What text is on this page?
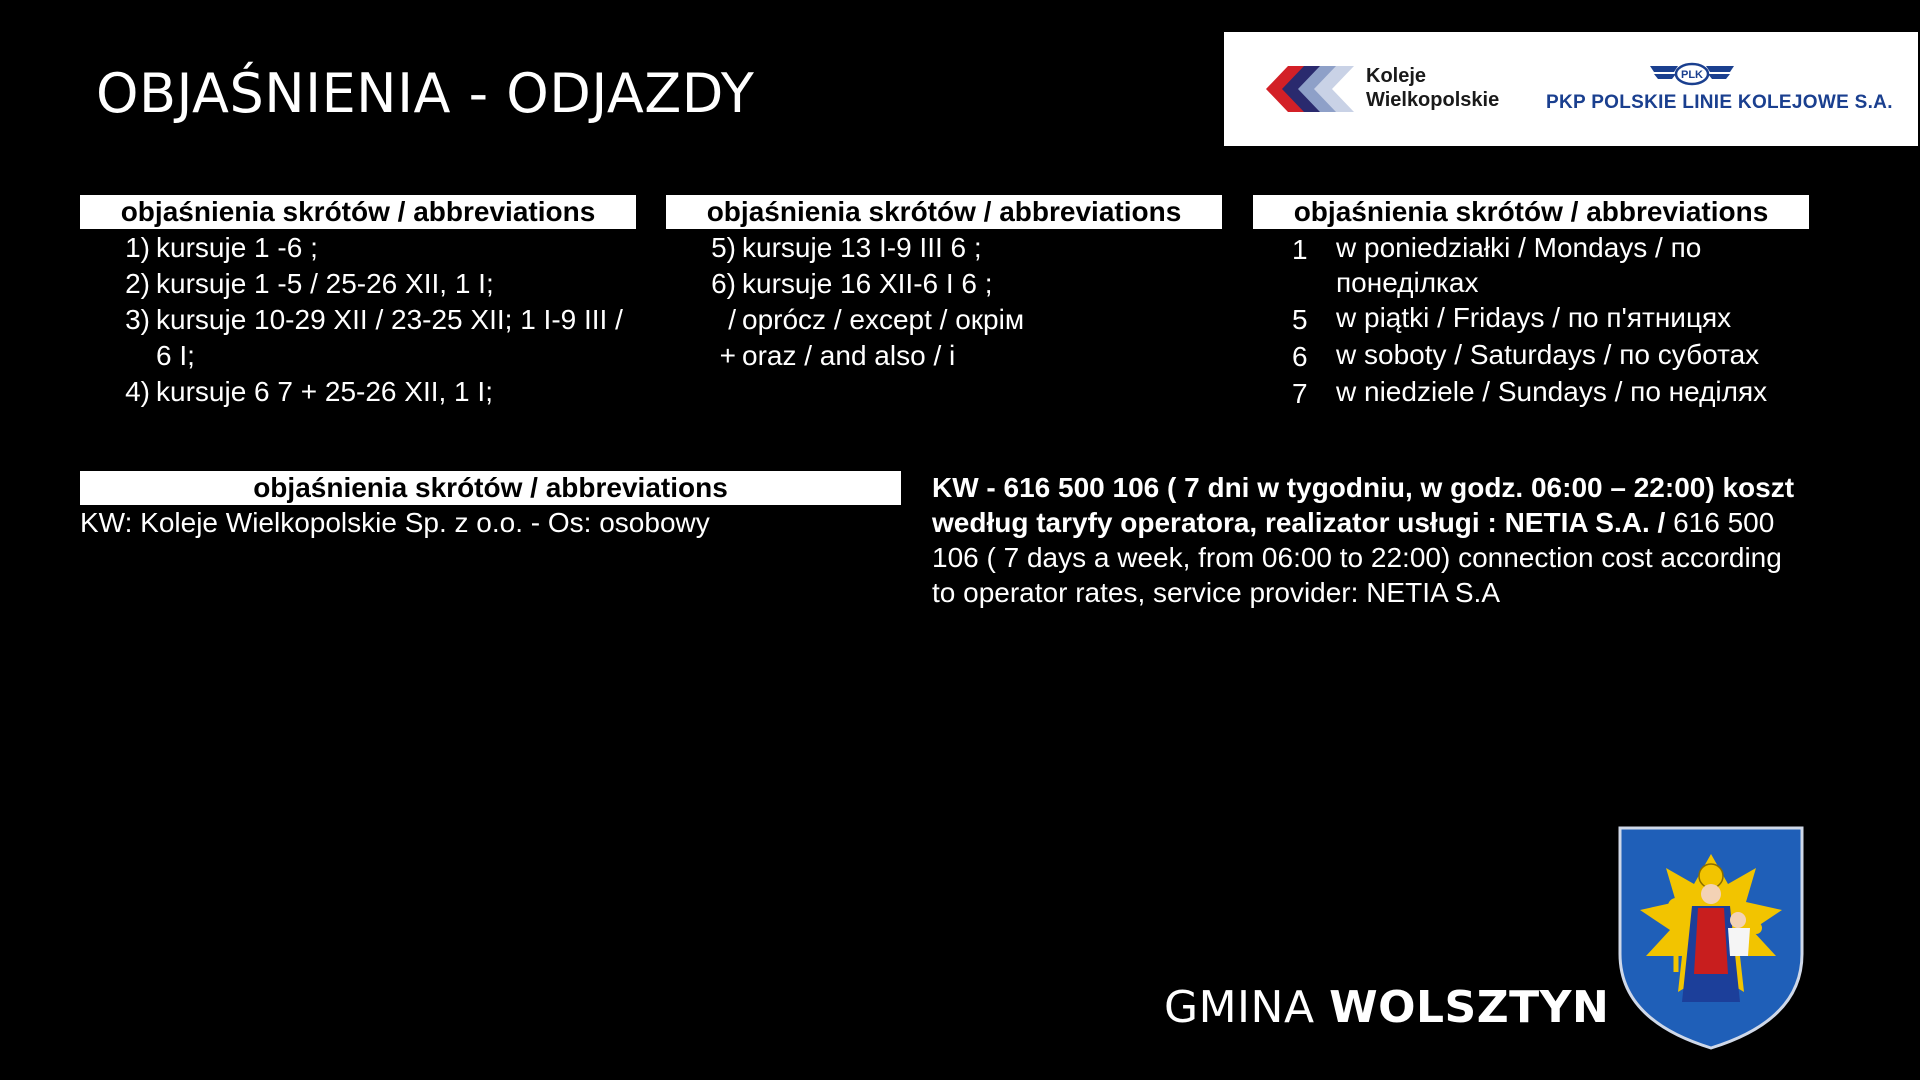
OBJAŚNIENIA - ODJAZDY	Koleje
Wielkopolskie
PLK
PKP POLSKIE LINIE KOLEJOWE S.A.
objaśnienia skrótów / abbreviations
1) kursuje 1 -6 ;
2) kursuje 1 -5 / 25-26 XII, 1 I;
3) kursuje 10-29 XII / 23-25 XII; 1 I-9 III / 6 I;
4) kursuje 6 7 + 25-26 XII, 1 I;
objaśnienia skrótów / abbreviations
5) kursuje 13 I-9 III 6 ;
6) kursuje 16 XII-6 I 6 ;
/ oprócz / except / окрім
+ oraz / and also / і
objaśnienia skrótów / abbreviations
1	w poniedziałki / Mondays / по понеділках
5	w piątki / Fridays / по п'ятницях
6	w soboty / Saturdays / по суботах
7	w niedziele / Sundays / по неділях
objaśnienia skrótów / abbreviations
KW: Koleje Wielkopolskie Sp. z o.o. - Os: osobowy
KW - 616 500 106 ( 7 dni w tygodniu, w godz. 06:00 – 22:00) koszt według taryfy operatora, realizator usługi : NETIA S.A. / 616 500 106 ( 7 days a week, from 06:00 to 22:00) connection cost according to operator rates, service provider: NETIA S.A
GMINA WOLSZTYN
